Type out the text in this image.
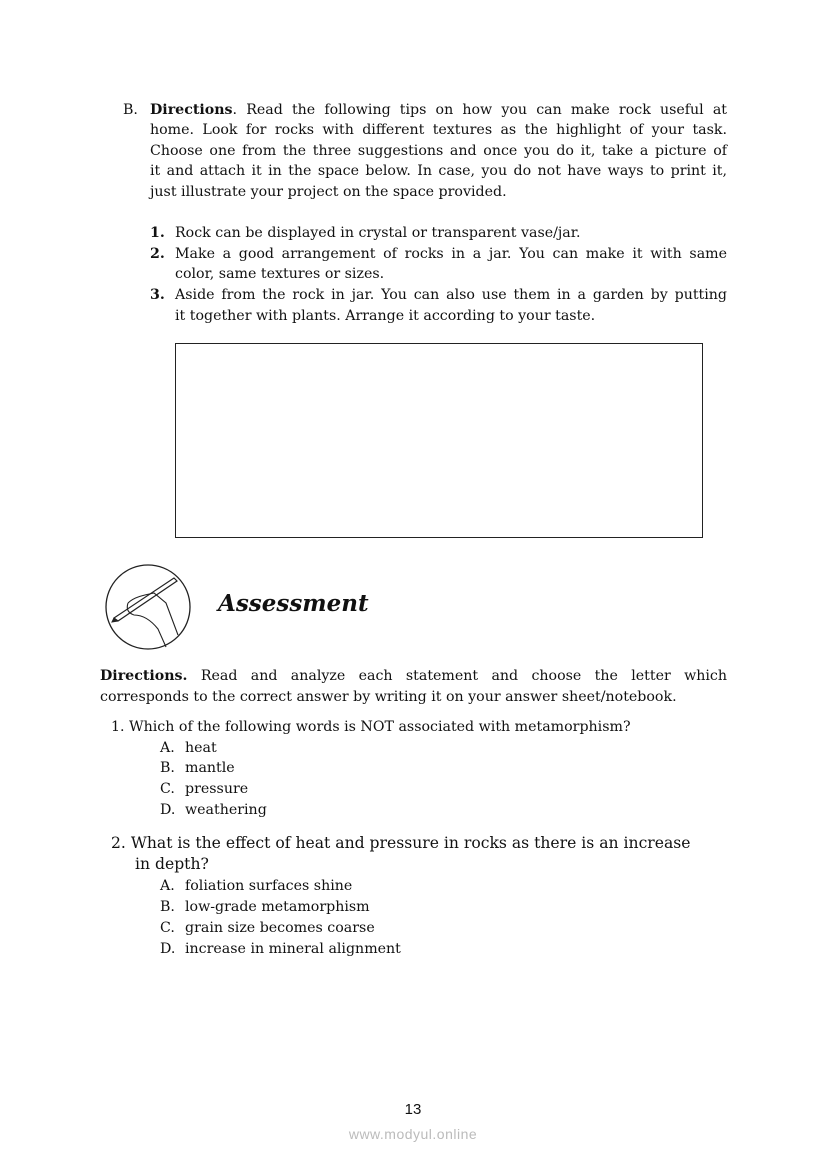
B. Directions. Read the following tips on how you can make rock useful at
home. Look for rocks with different textures as the highlight of your task.
Choose one from the three suggestions and once you do it, take a picture of
it and attach it in the space below. In case, you do not have ways to print it,
just illustrate your project on the space provided.
1. Rock can be displayed in crystal or transparent vase/jar.
2. Make a good arrangement of rocks in a jar. You can make it with same
color, same textures or sizes.
3. Aside from the rock in jar. You can also use them in a garden by putting
it together with plants. Arrange it according to your taste.
Assessment
Directions. Read and analyze each statement and choose the letter which
corresponds to the correct answer by writing it on your answer sheet/notebook.
1. Which of the following words is NOT associated with metamorphism?
A. heat
B. mantle
C. pressure
D. weathering
2. What is the effect of heat and pressure in rocks as there is an increase
in depth?
A. foliation surfaces shine
B. low-grade metamorphism
C. grain size becomes coarse
D. increase in mineral alignment
13
www.modyul.online
